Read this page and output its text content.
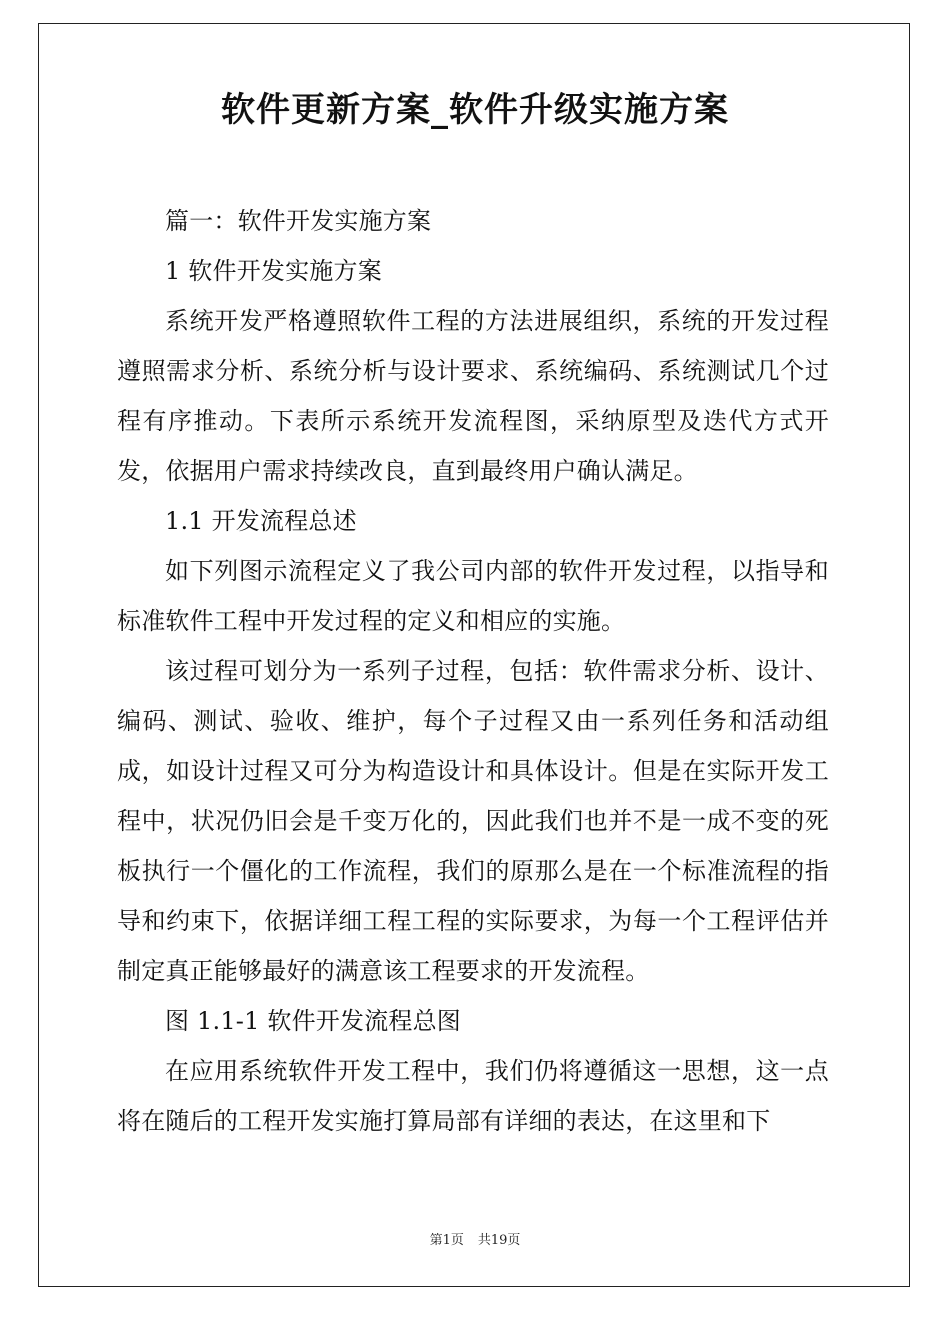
软件更新方案_软件升级实施方案

篇一：软件开发实施方案

1 软件开发实施方案

系统开发严格遵照软件工程的方法进展组织，系统的开发过程遵照需求分析、系统分析与设计要求、系统编码、系统测试几个过程有序推动。下表所示系统开发流程图，采纳原型及迭代方式开发，依据用户需求持续改良，直到最终用户确认满足。

1.1 开发流程总述

如下列图示流程定义了我公司内部的软件开发过程，以指导和标准软件工程中开发过程的定义和相应的实施。

该过程可划分为一系列子过程，包括：软件需求分析、设计、编码、测试、验收、维护，每个子过程又由一系列任务和活动组成，如设计过程又可分为构造设计和具体设计。但是在实际开发工程中，状况仍旧会是千变万化的，因此我们也并不是一成不变的死板执行一个僵化的工作流程，我们的原那么是在一个标准流程的指导和约束下，依据详细工程工程的实际要求，为每一个工程评估并制定真正能够最好的满意该工程要求的开发流程。

图 1.1-1 软件开发流程总图

在应用系统软件开发工程中，我们仍将遵循这一思想，这一点将在随后的工程开发实施打算局部有详细的表达，在这里和下

第1页 共19页
